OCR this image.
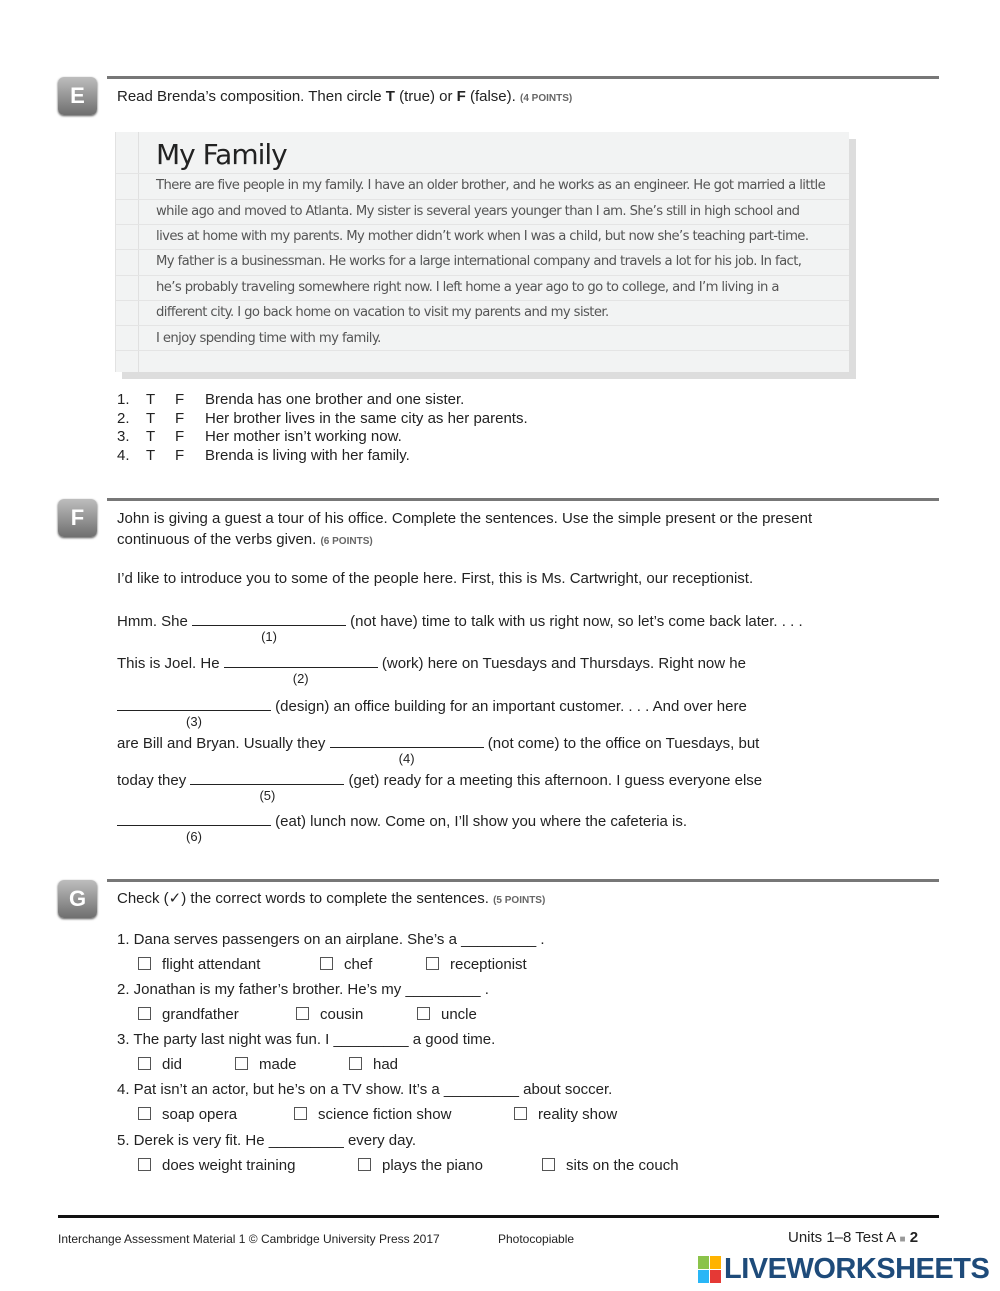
E	Read Brenda’s composition. Then circle T (true) or F (false). (4 POINTS)
My Family
There are five people in my family. I have an older brother, and he works as an engineer. He got married a little
while ago and moved to Atlanta. My sister is several years younger than I am. She’s still in high school and
lives at home with my parents. My mother didn’t work when I was a child, but now she’s teaching part-time.
My father is a businessman. He works for a large international company and travels a lot for his job. In fact,
he’s probably traveling somewhere right now. I left home a year ago to go to college, and I’m living in a
different city. I go back home on vacation to visit my parents and my sister.
I enjoy spending time with my family.
1. T F Brenda has one brother and one sister.
2. T F Her brother lives in the same city as her parents.
3. T F Her mother isn’t working now.
4. T F Brenda is living with her family.
F	John is giving a guest a tour of his office. Complete the sentences. Use the simple present or the present
continuous of the verbs given. (6 POINTS)
I’d like to introduce you to some of the people here. First, this is Ms. Cartwright, our receptionist.
Hmm. She
(1)
(not have) time to talk with us right now, so let’s come back later. . . .
This is Joel. He
(2)
(work) here on Tuesdays and Thursdays. Right now he
(3)
(design) an office building for an important customer. . . . And over here
are Bill and Bryan. Usually they
(4)
(not come) to the office on Tuesdays, but
today they
(5)
(get) ready for a meeting this afternoon. I guess everyone else
(6)
(eat) lunch now. Come on, I’ll show you where the cafeteria is.
G	Check (✓) the correct words to complete the sentences. (5 POINTS)
1. Dana serves passengers on an airplane. She’s a _________ .
flight attendant	chef	receptionist
2. Jonathan is my father’s brother. He’s my _________ .
grandfather	cousin	uncle
3. The party last night was fun. I _________ a good time.
did	made	had
4. Pat isn’t an actor, but he’s on a TV show. It’s a _________ about soccer.
soap opera	science fiction show	reality show
5. Derek is very fit. He _________ every day.
does weight training	plays the piano	sits on the couch
Interchange Assessment Material 1 © Cambridge University Press 2017	Photocopiable	Units 1–8 Test A ■ 2
LIVEWORKSHEETS
